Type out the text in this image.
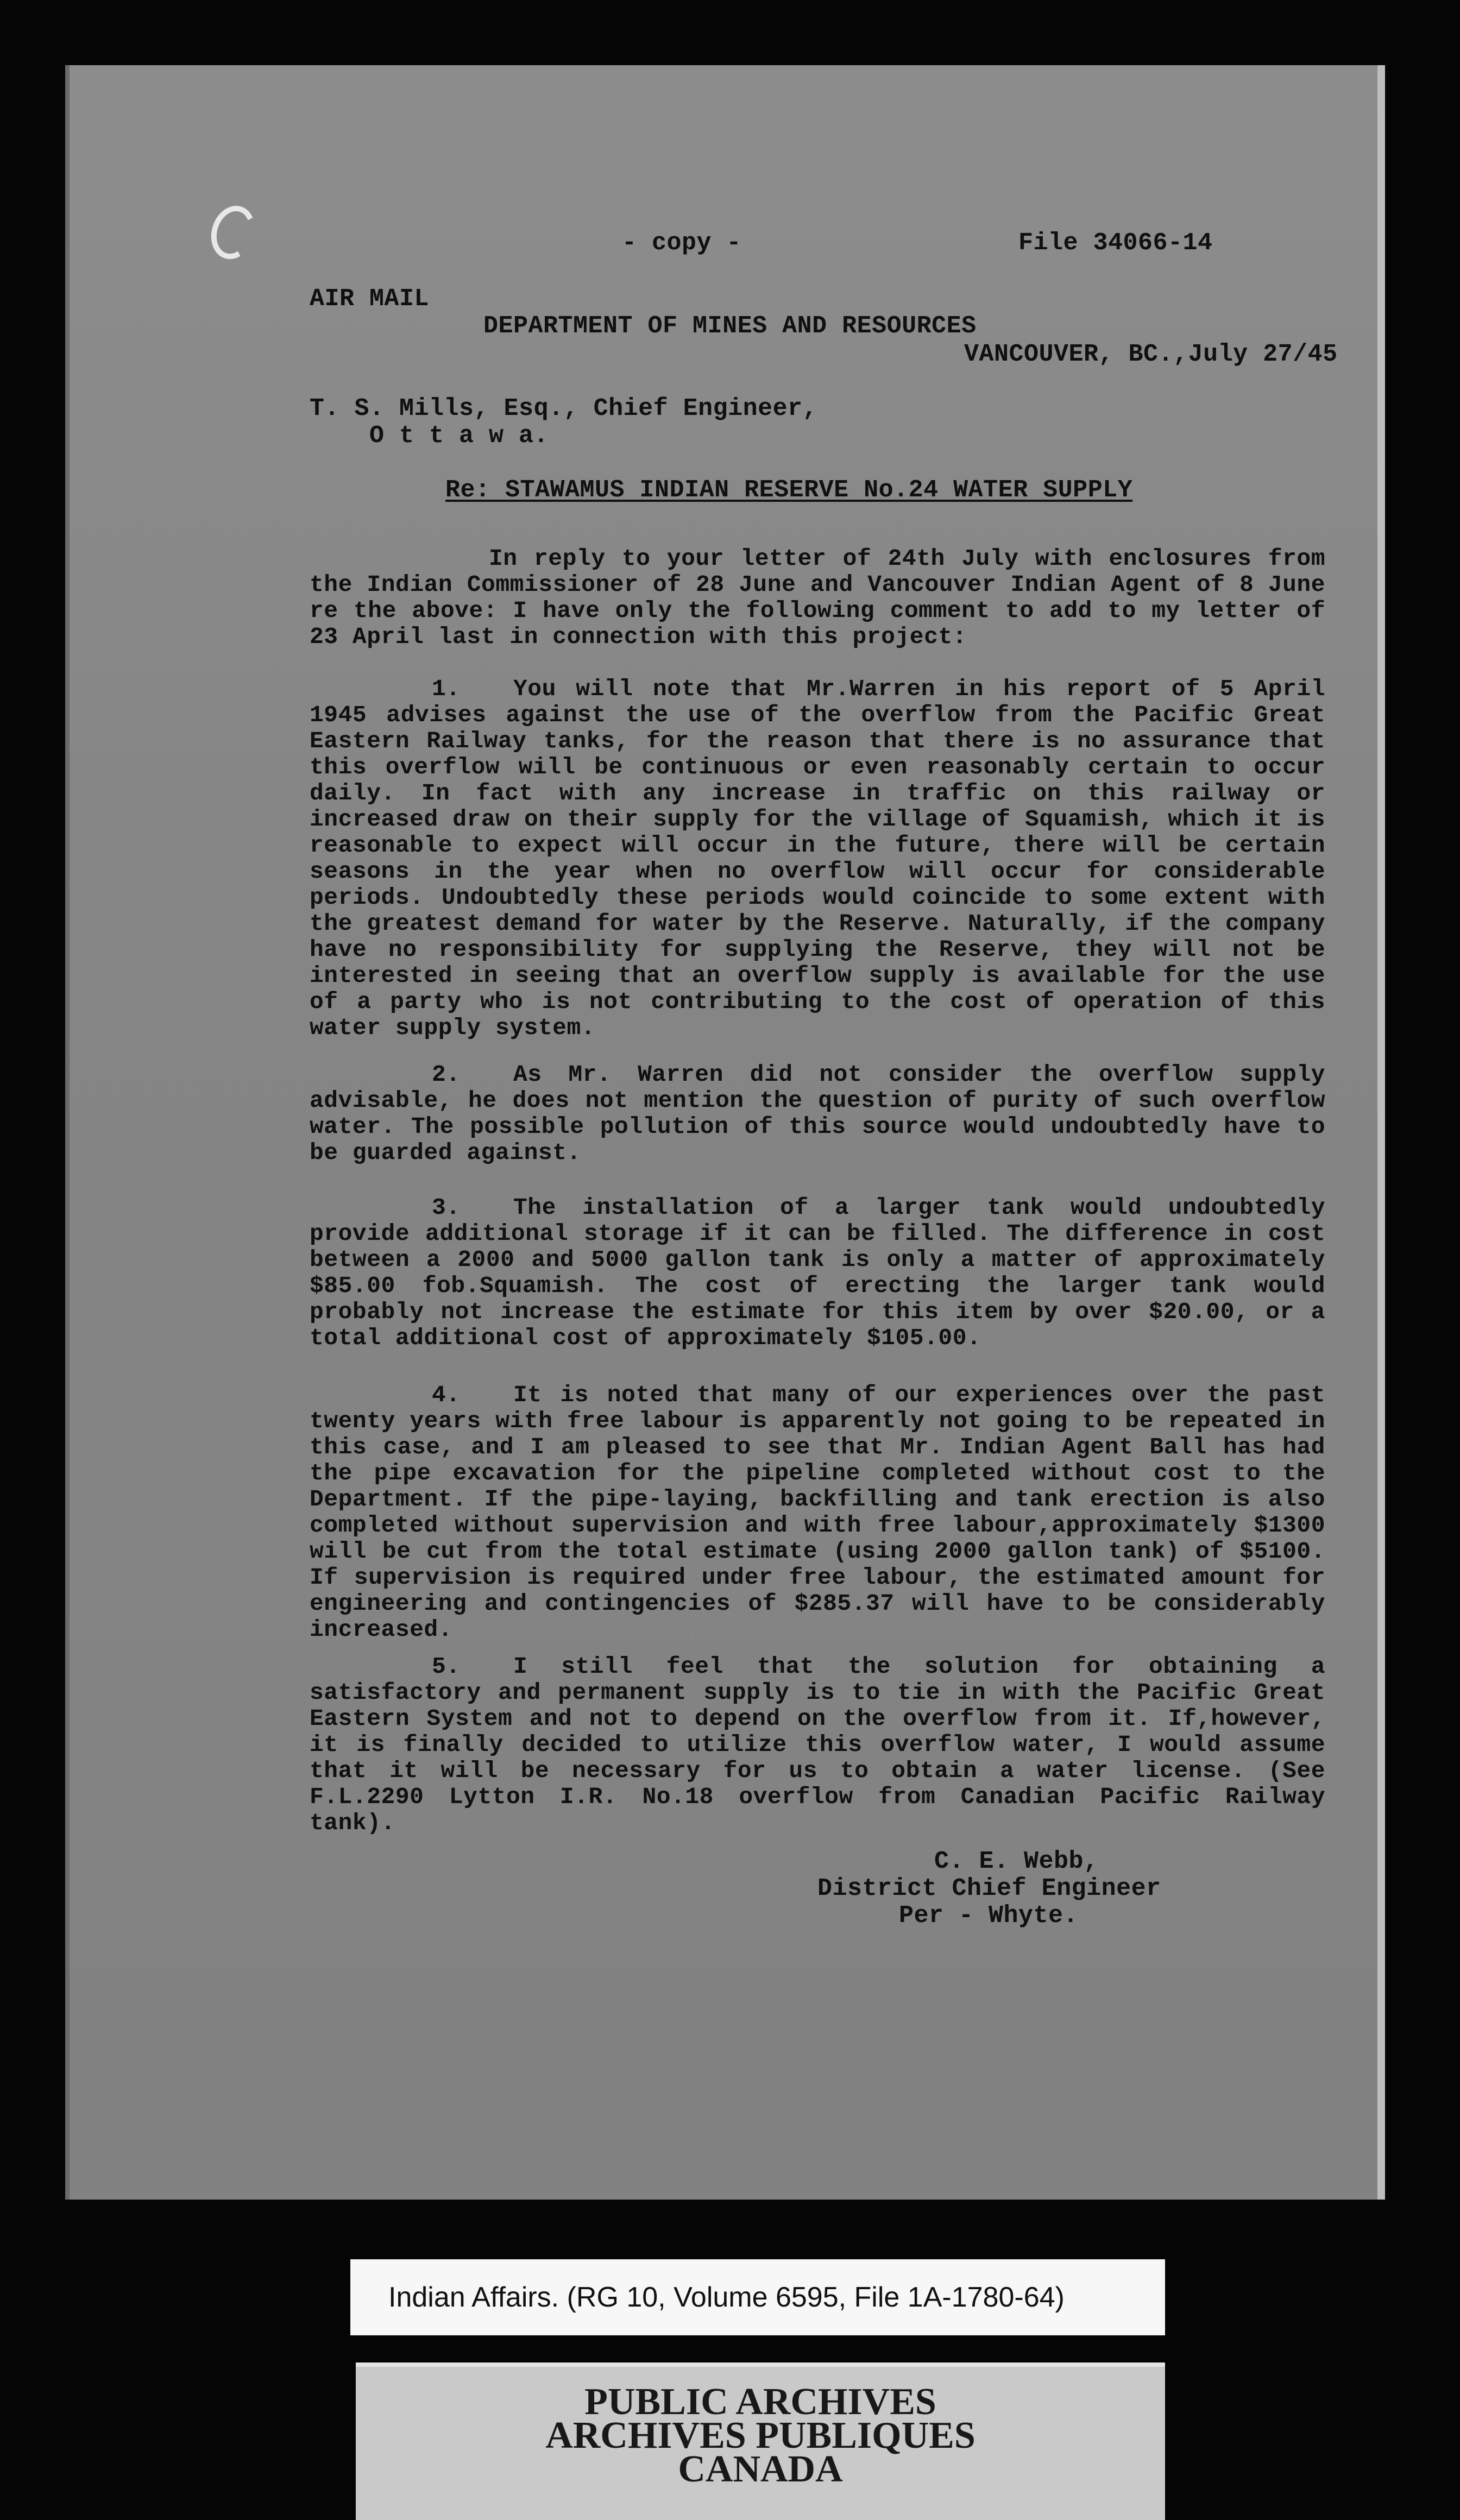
- copy -	File 34066-14
AIR MAIL
DEPARTMENT OF MINES AND RESOURCES
VANCOUVER, BC.,July 27/45
T. S. Mills, Esq., Chief Engineer,
O t t a w a.
Re: STAWAMUS INDIAN RESERVE No.24 WATER SUPPLY

In reply to your letter of 24th July with enclosures from the Indian Commissioner of 28 June and Vancouver Indian Agent of 8 June re the above: I have only the following comment to add to my letter of 23 April last in connection with this project:

1. You will note that Mr.Warren in his report of 5 April 1945 advises against the use of the overflow from the Pacific Great Eastern Railway tanks, for the reason that there is no assurance that this overflow will be continuous or even reasonably certain to occur daily. In fact with any increase in traffic on this railway or increased draw on their supply for the village of Squamish, which it is reasonable to expect will occur in the future, there will be certain seasons in the year when no overflow will occur for considerable periods. Undoubtedly these periods would coincide to some extent with the greatest demand for water by the Reserve. Naturally, if the company have no responsibility for supplying the Reserve, they will not be interested in seeing that an overflow supply is available for the use of a party who is not contributing to the cost of operation of this water supply system.

2. As Mr. Warren did not consider the overflow supply advisable, he does not mention the question of purity of such overflow water. The possible pollution of this source would undoubtedly have to be guarded against.

3. The installation of a larger tank would undoubtedly provide additional storage if it can be filled. The difference in cost between a 2000 and 5000 gallon tank is only a matter of approximately $85.00 fob.Squamish. The cost of erecting the larger tank would probably not increase the estimate for this item by over $20.00, or a total additional cost of approximately $105.00.

4. It is noted that many of our experiences over the past twenty years with free labour is apparently not going to be repeated in this case, and I am pleased to see that Mr. Indian Agent Ball has had the pipe excavation for the pipeline completed without cost to the Department. If the pipe-laying, backfilling and tank erection is also completed without supervision and with free labour,approximately $1300 will be cut from the total estimate (using 2000 gallon tank) of $5100. If supervision is required under free labour, the estimated amount for engineering and contingencies of $285.37 will have to be considerably increased.

5. I still feel that the solution for obtaining a satisfactory and permanent supply is to tie in with the Pacific Great Eastern System and not to depend on the overflow from it. If,however, it is finally decided to utilize this overflow water, I would assume that it will be necessary for us to obtain a water license. (See F.L.2290 Lytton I.R. No.18 overflow from Canadian Pacific Railway tank).

C. E. Webb,
District Chief Engineer
Per - Whyte.
Indian Affairs. (RG 10, Volume 6595, File 1A-1780-64)
PUBLIC ARCHIVES
ARCHIVES PUBLIQUES
CANADA
